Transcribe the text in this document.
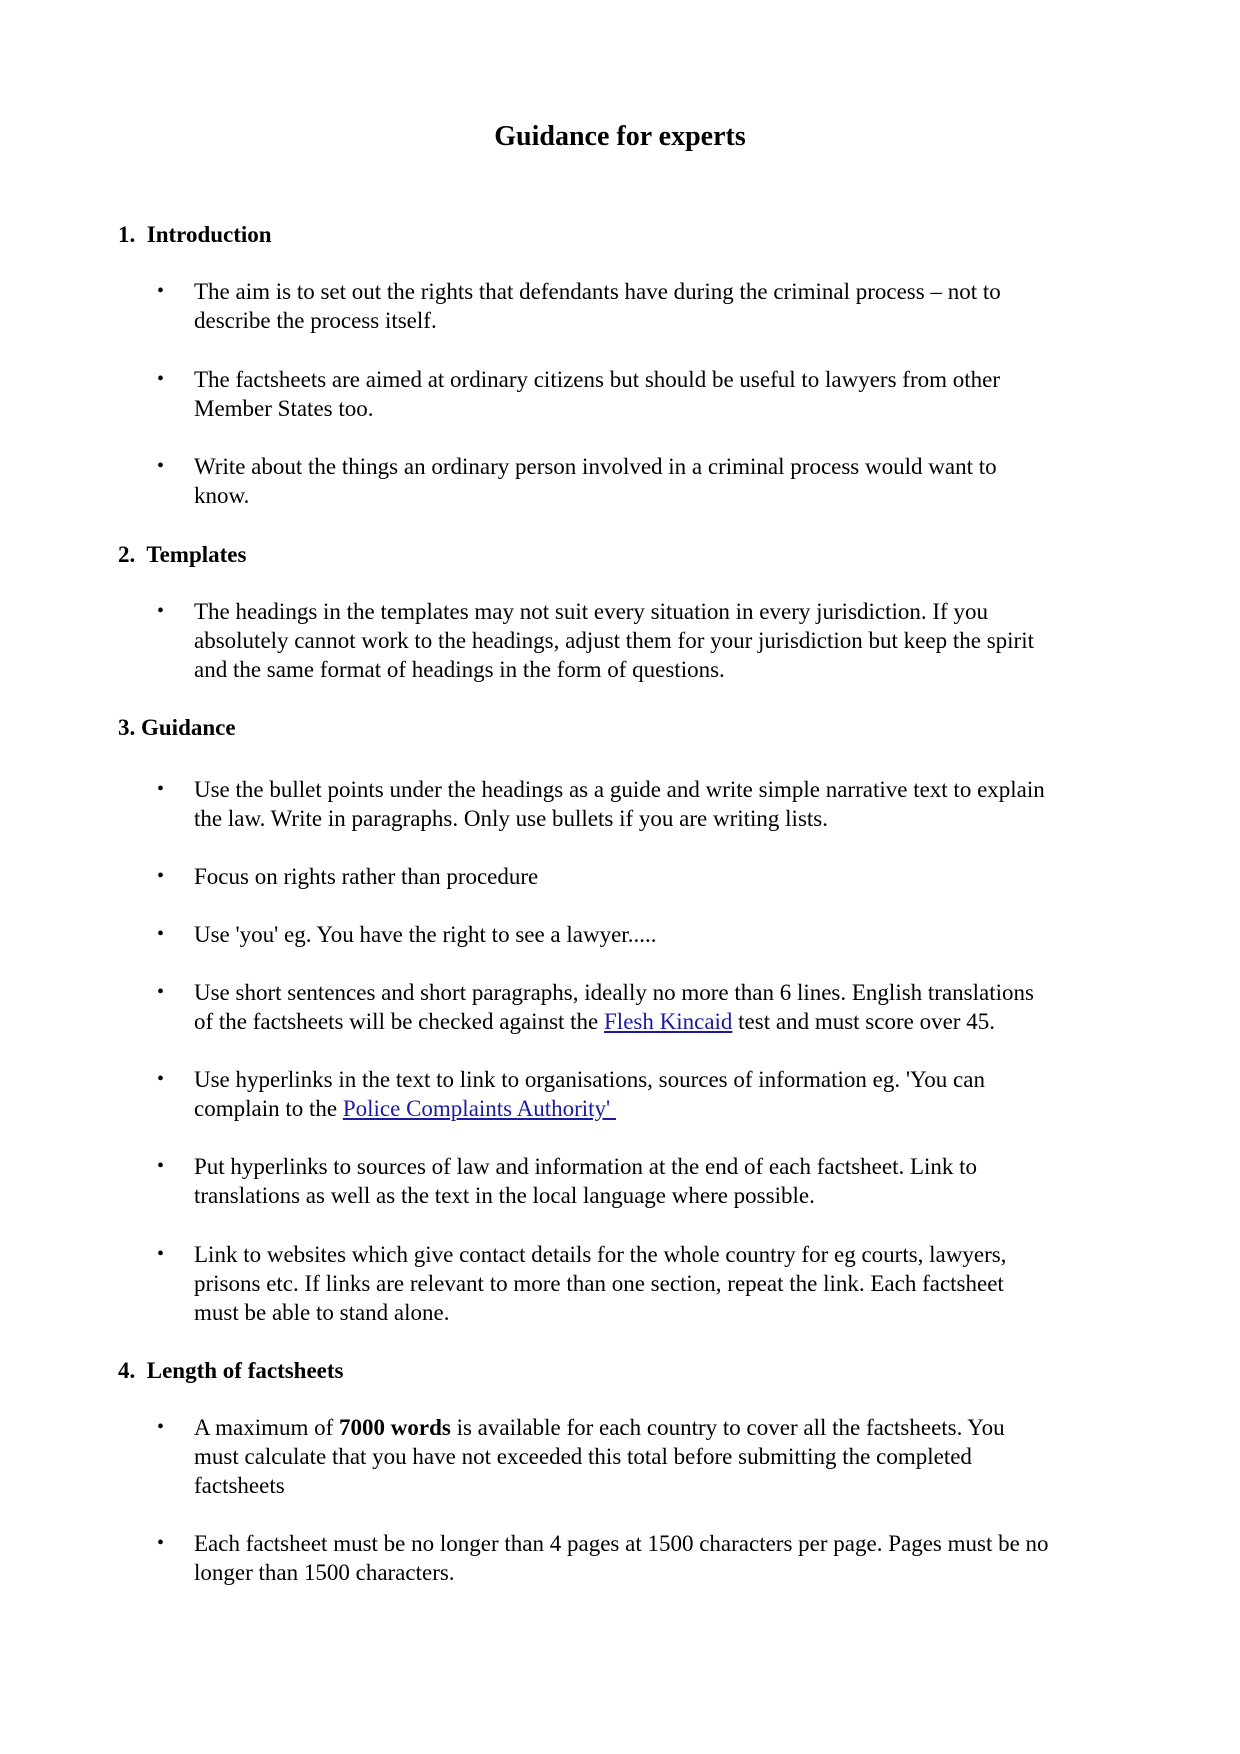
Guidance for experts
1. Introduction
•	The aim is to set out the rights that defendants have during the criminal process – not to
describe the process itself.
•	The factsheets are aimed at ordinary citizens but should be useful to lawyers from other
Member States too.
•	Write about the things an ordinary person involved in a criminal process would want to
know.
2. Templates
•	The headings in the templates may not suit every situation in every jurisdiction. If you
absolutely cannot work to the headings, adjust them for your jurisdiction but keep the spirit
and the same format of headings in the form of questions.
3. Guidance
•	Use the bullet points under the headings as a guide and write simple narrative text to explain
the law. Write in paragraphs. Only use bullets if you are writing lists.
•	Focus on rights rather than procedure
•	Use 'you' eg. You have the right to see a lawyer.....
•	Use short sentences and short paragraphs, ideally no more than 6 lines. English translations
of the factsheets will be checked against the Flesh Kincaid test and must score over 45.
•	Use hyperlinks in the text to link to organisations, sources of information eg. 'You can
complain to the Police Complaints Authority'
•	Put hyperlinks to sources of law and information at the end of each factsheet. Link to
translations as well as the text in the local language where possible.
•	Link to websites which give contact details for the whole country for eg courts, lawyers,
prisons etc. If links are relevant to more than one section, repeat the link. Each factsheet
must be able to stand alone.
4. Length of factsheets
•	A maximum of 7000 words is available for each country to cover all the factsheets. You
must calculate that you have not exceeded this total before submitting the completed
factsheets
•	Each factsheet must be no longer than 4 pages at 1500 characters per page. Pages must be no
longer than 1500 characters.
